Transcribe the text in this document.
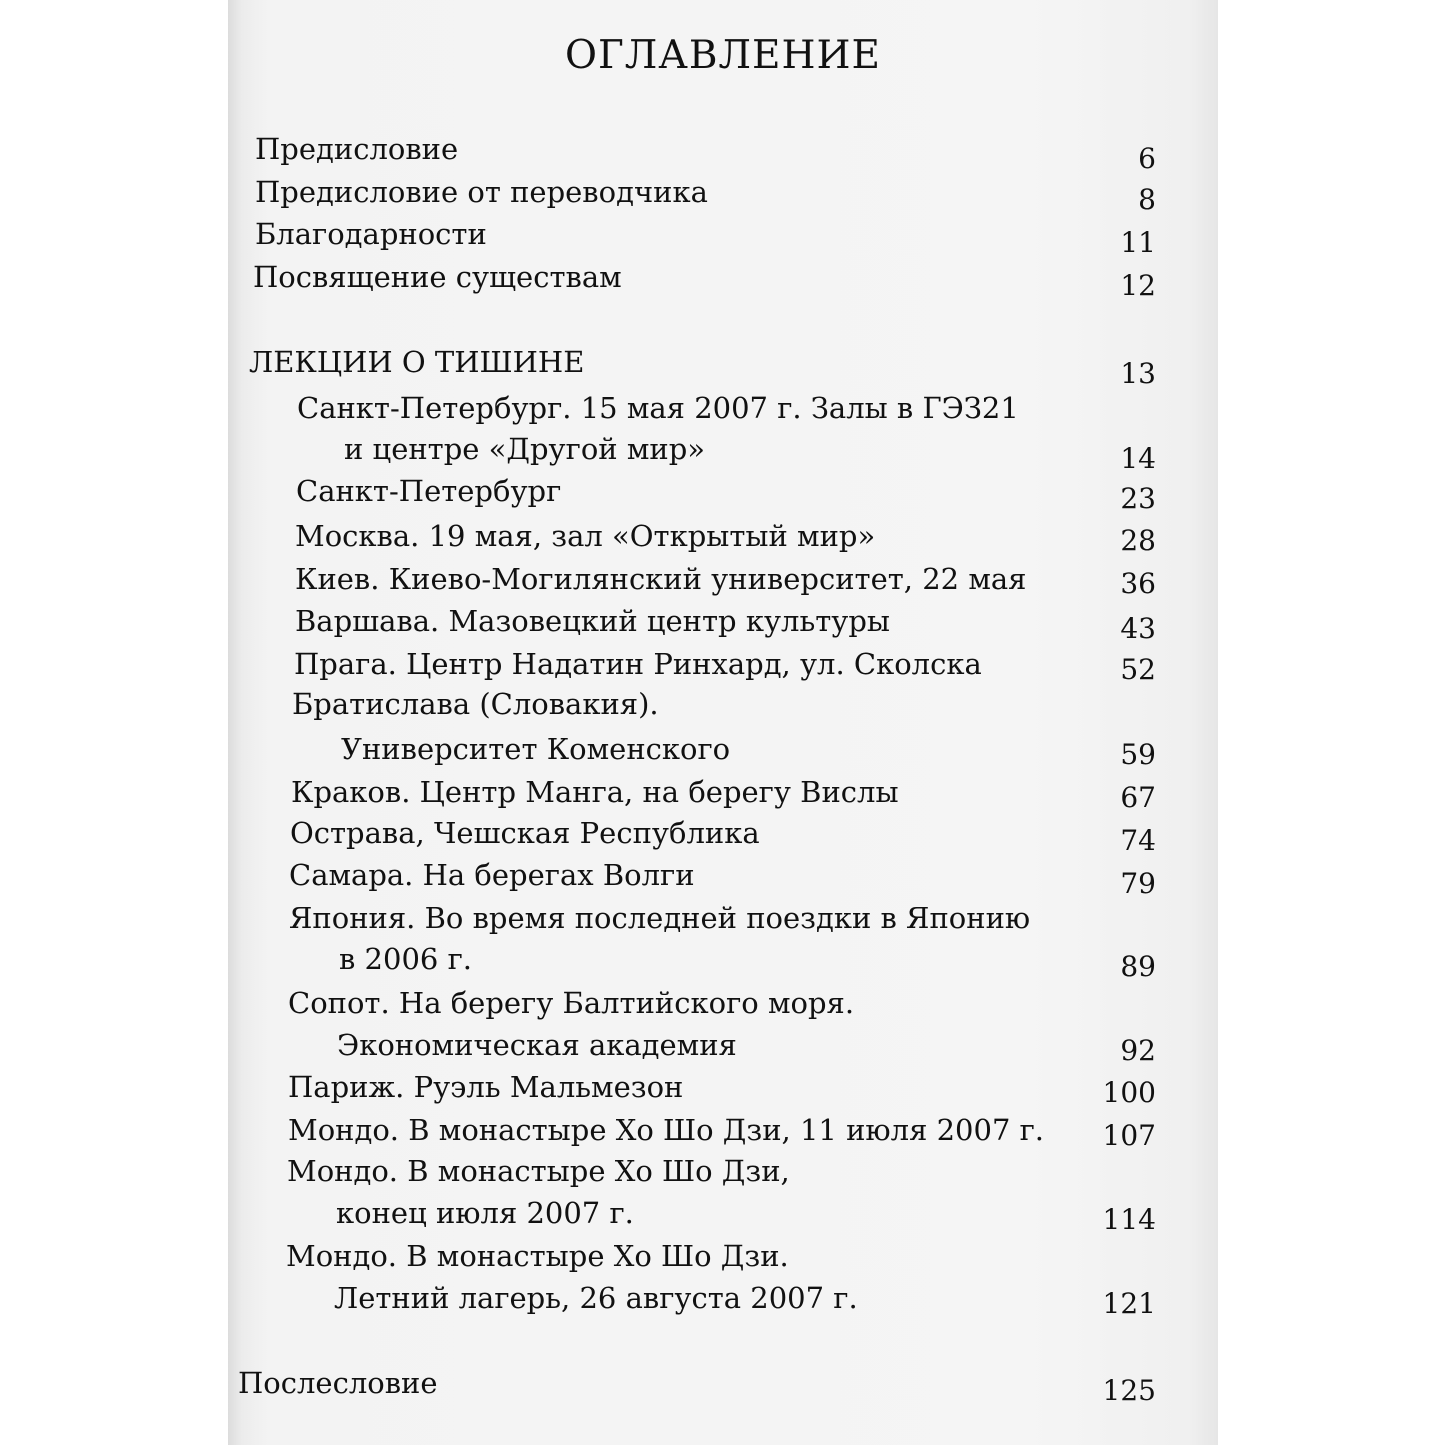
ОГЛАВЛЕНИЕ
Предисловие	6
Предисловие от переводчика	8
Благодарности	11
Посвящение существам	12
ЛЕКЦИИ О ТИШИНЕ	13
Санкт-Петербург. 15 мая 2007 г. Залы в ГЭЗ21
и центре «Другой мир»	14
Санкт-Петербург	23
Москва. 19 мая, зал «Открытый мир»	28
Киев. Киево-Могилянский университет, 22 мая	36
Варшава. Мазовецкий центр культуры	43
Прага. Центр Надатин Ринхард, ул. Сколска	52
Братислава (Словакия).
Университет Коменского	59
Краков. Центр Манга, на берегу Вислы	67
Острава, Чешская Республика	74
Самара. На берегах Волги	79
Япония. Во время последней поездки в Японию
в 2006 г.	89
Сопот. На берегу Балтийского моря.
Экономическая академия	92
Париж. Руэль Мальмезон	100
Мондо. В монастыре Хо Шо Дзи, 11 июля 2007 г. 107
Мондо. В монастыре Хо Шо Дзи,
конец июля 2007 г.	114
Мондо. В монастыре Хо Шо Дзи.
Летний лагерь, 26 августа 2007 г.	121
Послесловие	125
